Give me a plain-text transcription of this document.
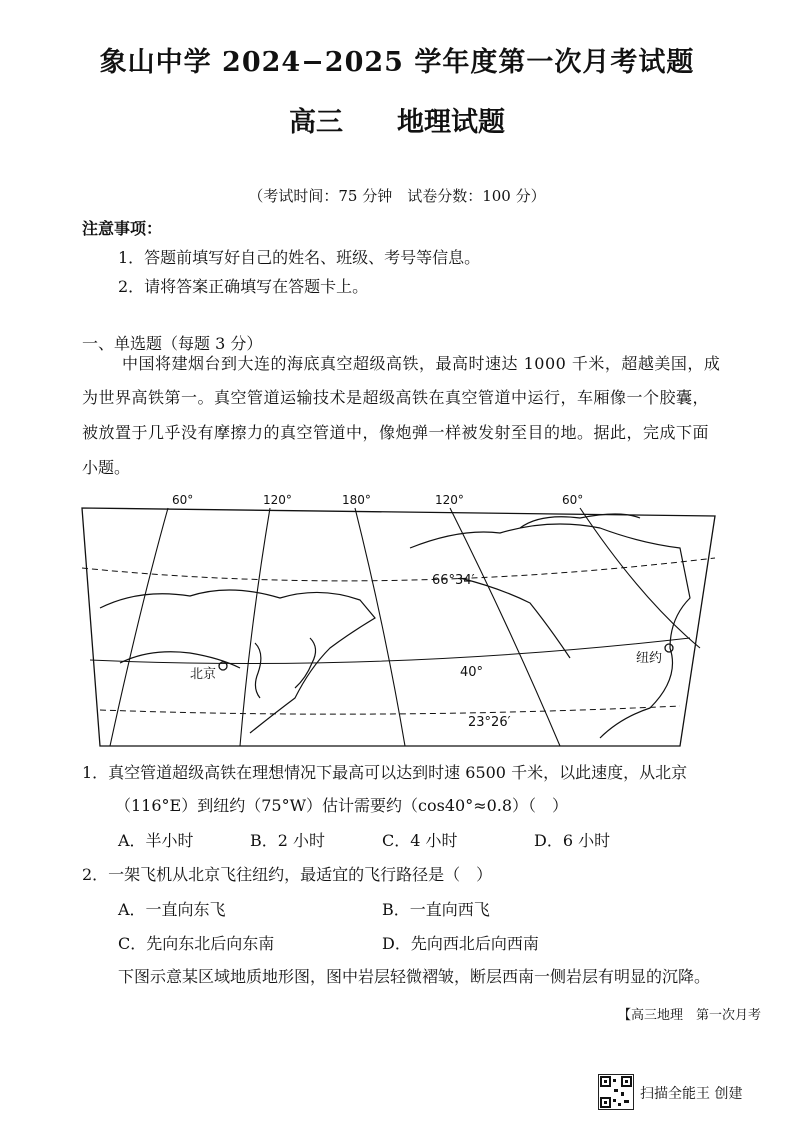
象山中学 2024−2025 学年度第一次月考试题
高三 地理试题
（考试时间：75 分钟　试卷分数：100 分）
注意事项：
1．答题前填写好自己的姓名、班级、考号等信息。
2．请将答案正确填写在答题卡上。
一、单选题（每题 3 分）
中国将建烟台到大连的海底真空超级高铁，最高时速达 1000 千米，超越美国，成
为世界高铁第一。真空管道运输技术是超级高铁在真空管道中运行，车厢像一个胶囊，
被放置于几乎没有摩擦力的真空管道中，像炮弹一样被发射至目的地。据此，完成下面
小题。
60°	120°	180°	120°	60°
66°34′
40°
23°26′
北京
纽约
1．真空管道超级高铁在理想情况下最高可以达到时速 6500 千米，以此速度，从北京
（116°E）到纽约（75°W）估计需要约（cos40°≈0.8）（　）
A．半小时	B．2 小时	C．4 小时	D．6 小时
2．一架飞机从北京飞往纽约，最适宜的飞行路径是（　）
A．一直向东飞	B．一直向西飞
C．先向东北后向东南	D．先向西北后向西南
下图示意某区域地质地形图，图中岩层轻微褶皱，断层西南一侧岩层有明显的沉降。
【高三地理　第一次月考
扫描全能王 创建
